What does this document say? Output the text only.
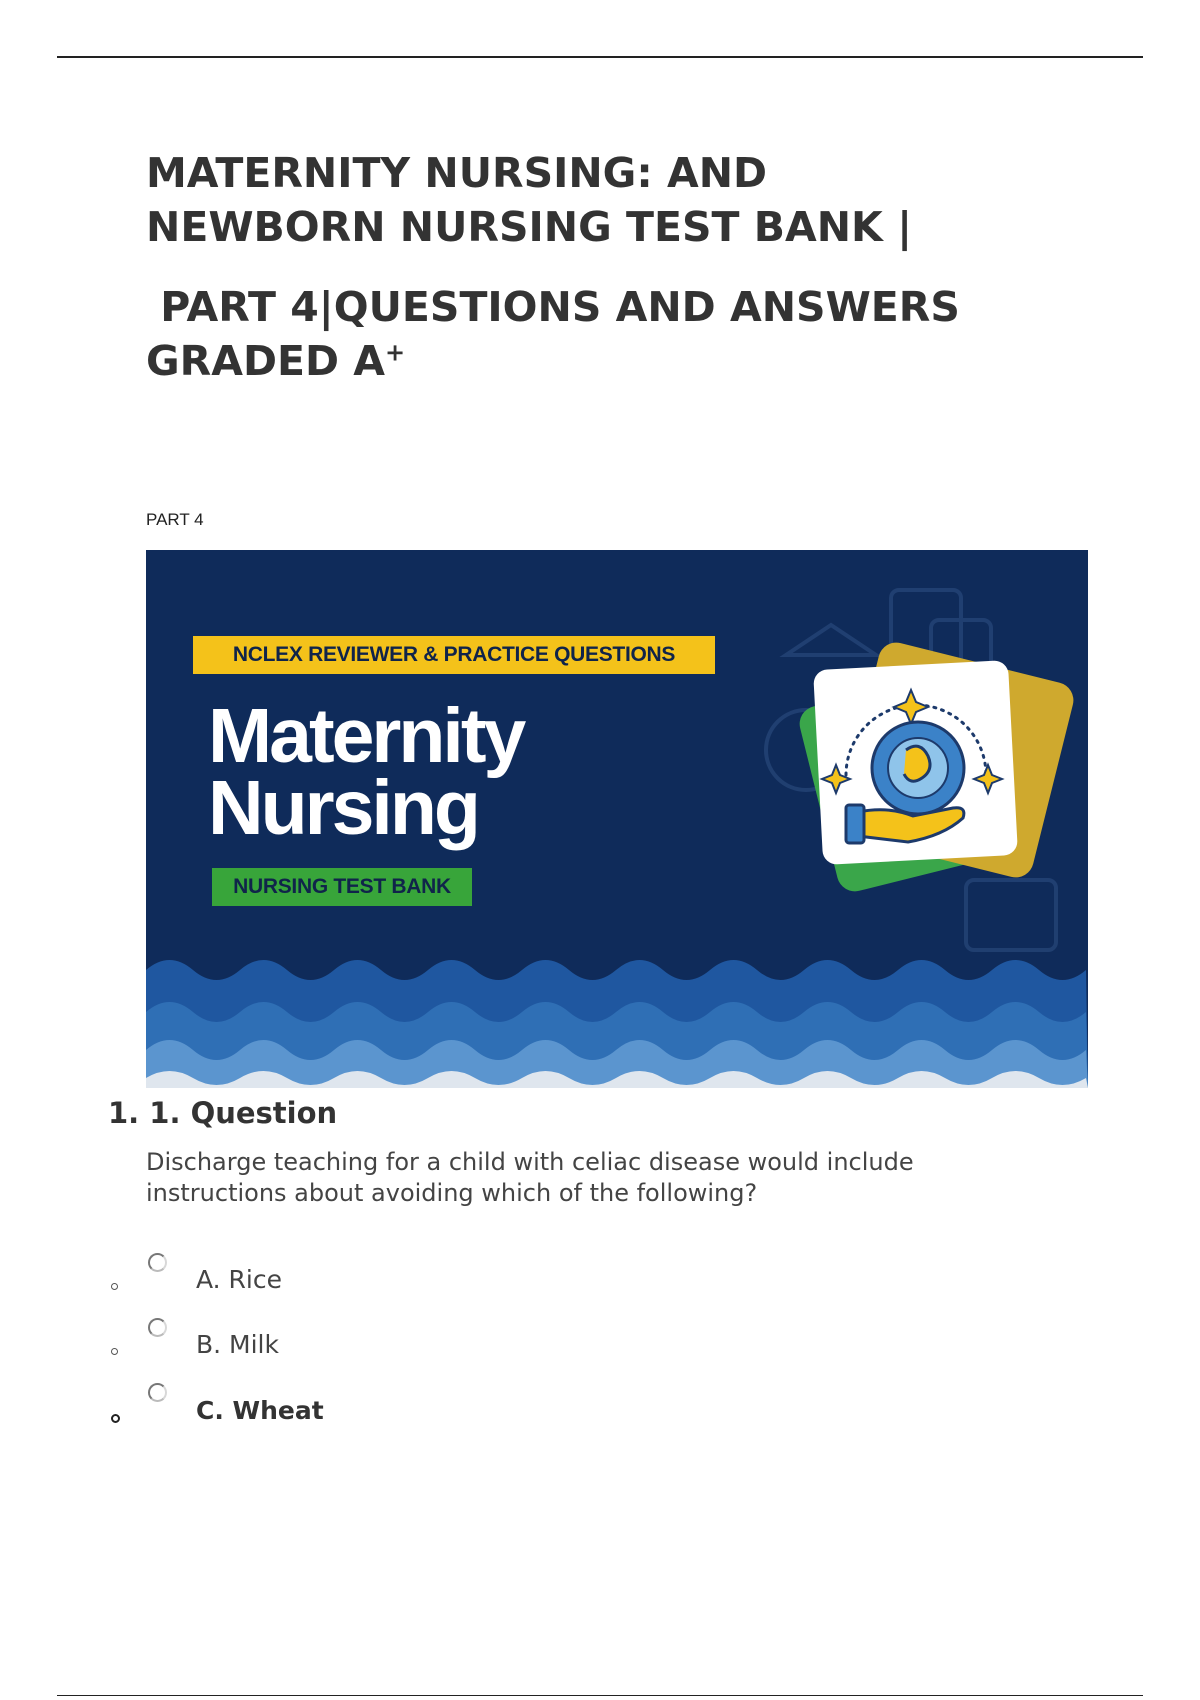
MATERNITY NURSING: AND
NEWBORN NURSING TEST BANK |
PART 4|QUESTIONS AND ANSWERS
GRADED A+
PART 4
NCLEX REVIEWER & PRACTICE QUESTIONS
Maternity
Nursing
NURSING TEST BANK
1. 1. Question
Discharge teaching for a child with celiac disease would include instructions about avoiding which of the following?
A. Rice
B. Milk
C. Wheat
